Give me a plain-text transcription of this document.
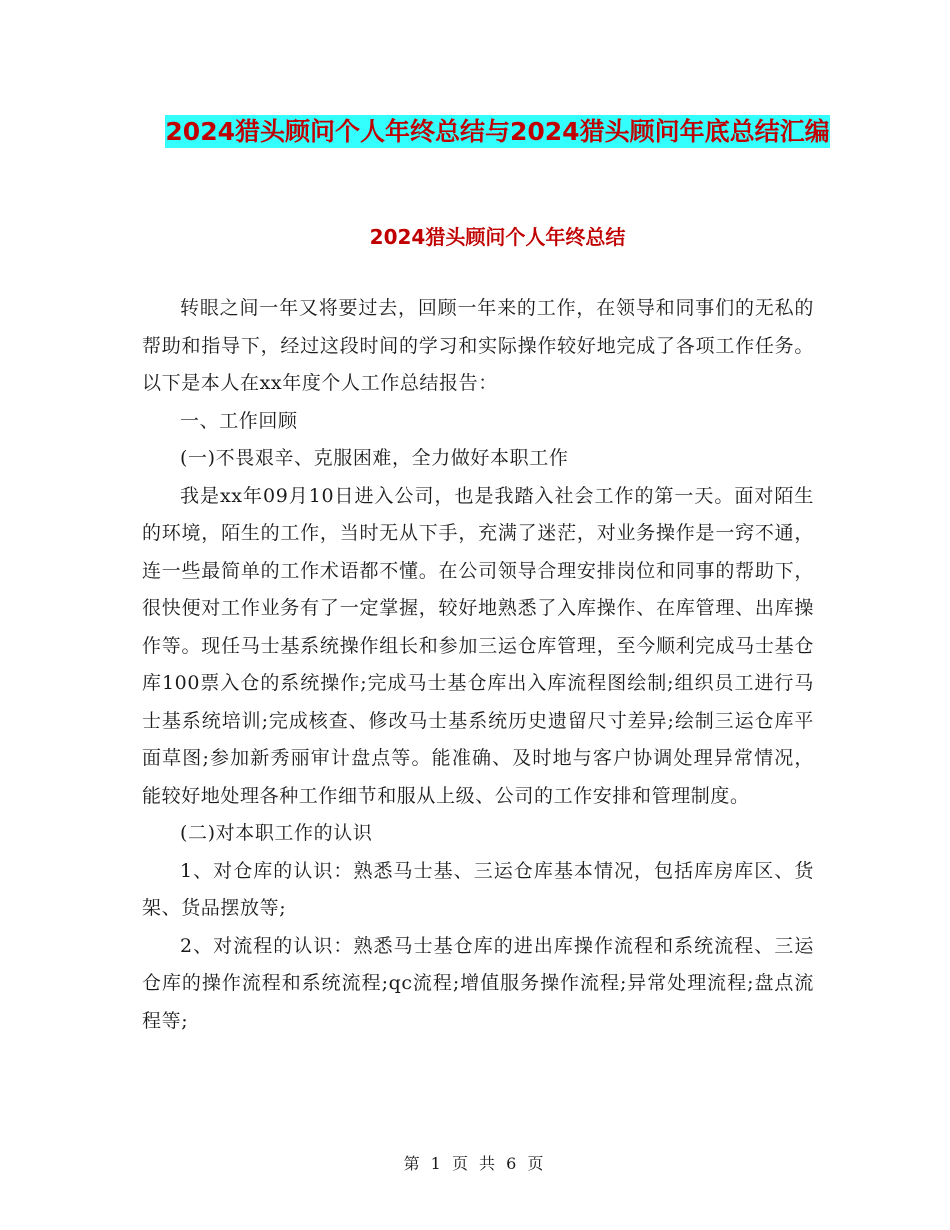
2024猎头顾问个人年终总结与2024猎头顾问年底总结汇编
2024猎头顾问个人年终总结

转眼之间一年又将要过去，回顾一年来的工作，在领导和同事们的无私的帮助和指导下，经过这段时间的学习和实际操作较好地完成了各项工作任务。以下是本人在xx年度个人工作总结报告：

一、工作回顾

(一)不畏艰辛、克服困难，全力做好本职工作

我是xx年09月10日进入公司，也是我踏入社会工作的第一天。面对陌生的环境，陌生的工作，当时无从下手，充满了迷茫，对业务操作是一窍不通，连一些最简单的工作术语都不懂。在公司领导合理安排岗位和同事的帮助下，很快便对工作业务有了一定掌握，较好地熟悉了入库操作、在库管理、出库操作等。现任马士基系统操作组长和参加三运仓库管理，至今顺利完成马士基仓库100票入仓的系统操作;完成马士基仓库出入库流程图绘制;组织员工进行马士基系统培训;完成核查、修改马士基系统历史遗留尺寸差异;绘制三运仓库平面草图;参加新秀丽审计盘点等。能准确、及时地与客户协调处理异常情况，能较好地处理各种工作细节和服从上级、公司的工作安排和管理制度。

(二)对本职工作的认识

1、对仓库的认识：熟悉马士基、三运仓库基本情况，包括库房库区、货架、货品摆放等;

2、对流程的认识：熟悉马士基仓库的进出库操作流程和系统流程、三运仓库的操作流程和系统流程;qc流程;增值服务操作流程;异常处理流程;盘点流程等;

第 1 页 共 6 页
